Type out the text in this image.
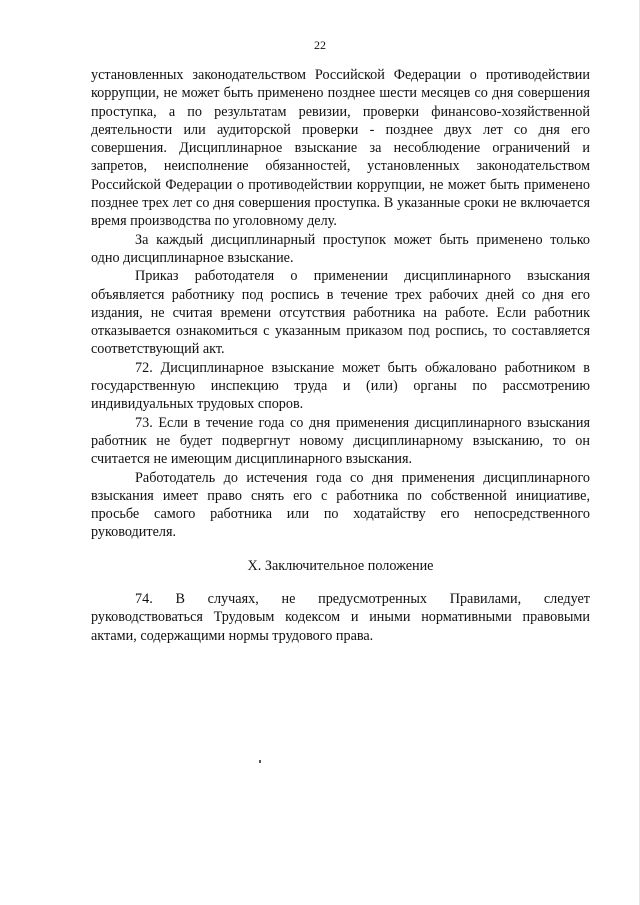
22

установленных законодательством Российской Федерации о противодействии коррупции, не может быть применено позднее шести месяцев со дня совершения проступка, а по результатам ревизии, проверки финансово-хозяйственной деятельности или аудиторской проверки - позднее двух лет со дня его совершения. Дисциплинарное взыскание за несоблюдение ограничений и запретов, неисполнение обязанностей, установленных законодательством Российской Федерации о противодействии коррупции, не может быть применено позднее трех лет со дня совершения проступка. В указанные сроки не включается время производства по уголовному делу.

За каждый дисциплинарный проступок может быть применено только одно дисциплинарное взыскание.

Приказ работодателя о применении дисциплинарного взыскания объявляется работнику под роспись в течение трех рабочих дней со дня его издания, не считая времени отсутствия работника на работе. Если работник отказывается ознакомиться с указанным приказом под роспись, то составляется соответствующий акт.

72. Дисциплинарное взыскание может быть обжаловано работником в государственную инспекцию труда и (или) органы по рассмотрению индивидуальных трудовых споров.

73. Если в течение года со дня применения дисциплинарного взыскания работник не будет подвергнут новому дисциплинарному взысканию, то он считается не имеющим дисциплинарного взыскания.

Работодатель до истечения года со дня применения дисциплинарного взыскания имеет право снять его с работника по собственной инициативе, просьбе самого работника или по ходатайству его непосредственного руководителя.

X. Заключительное положение

74. В случаях, не предусмотренных Правилами, следует руководствоваться Трудовым кодексом и иными нормативными правовыми актами, содержащими нормы трудового права.
